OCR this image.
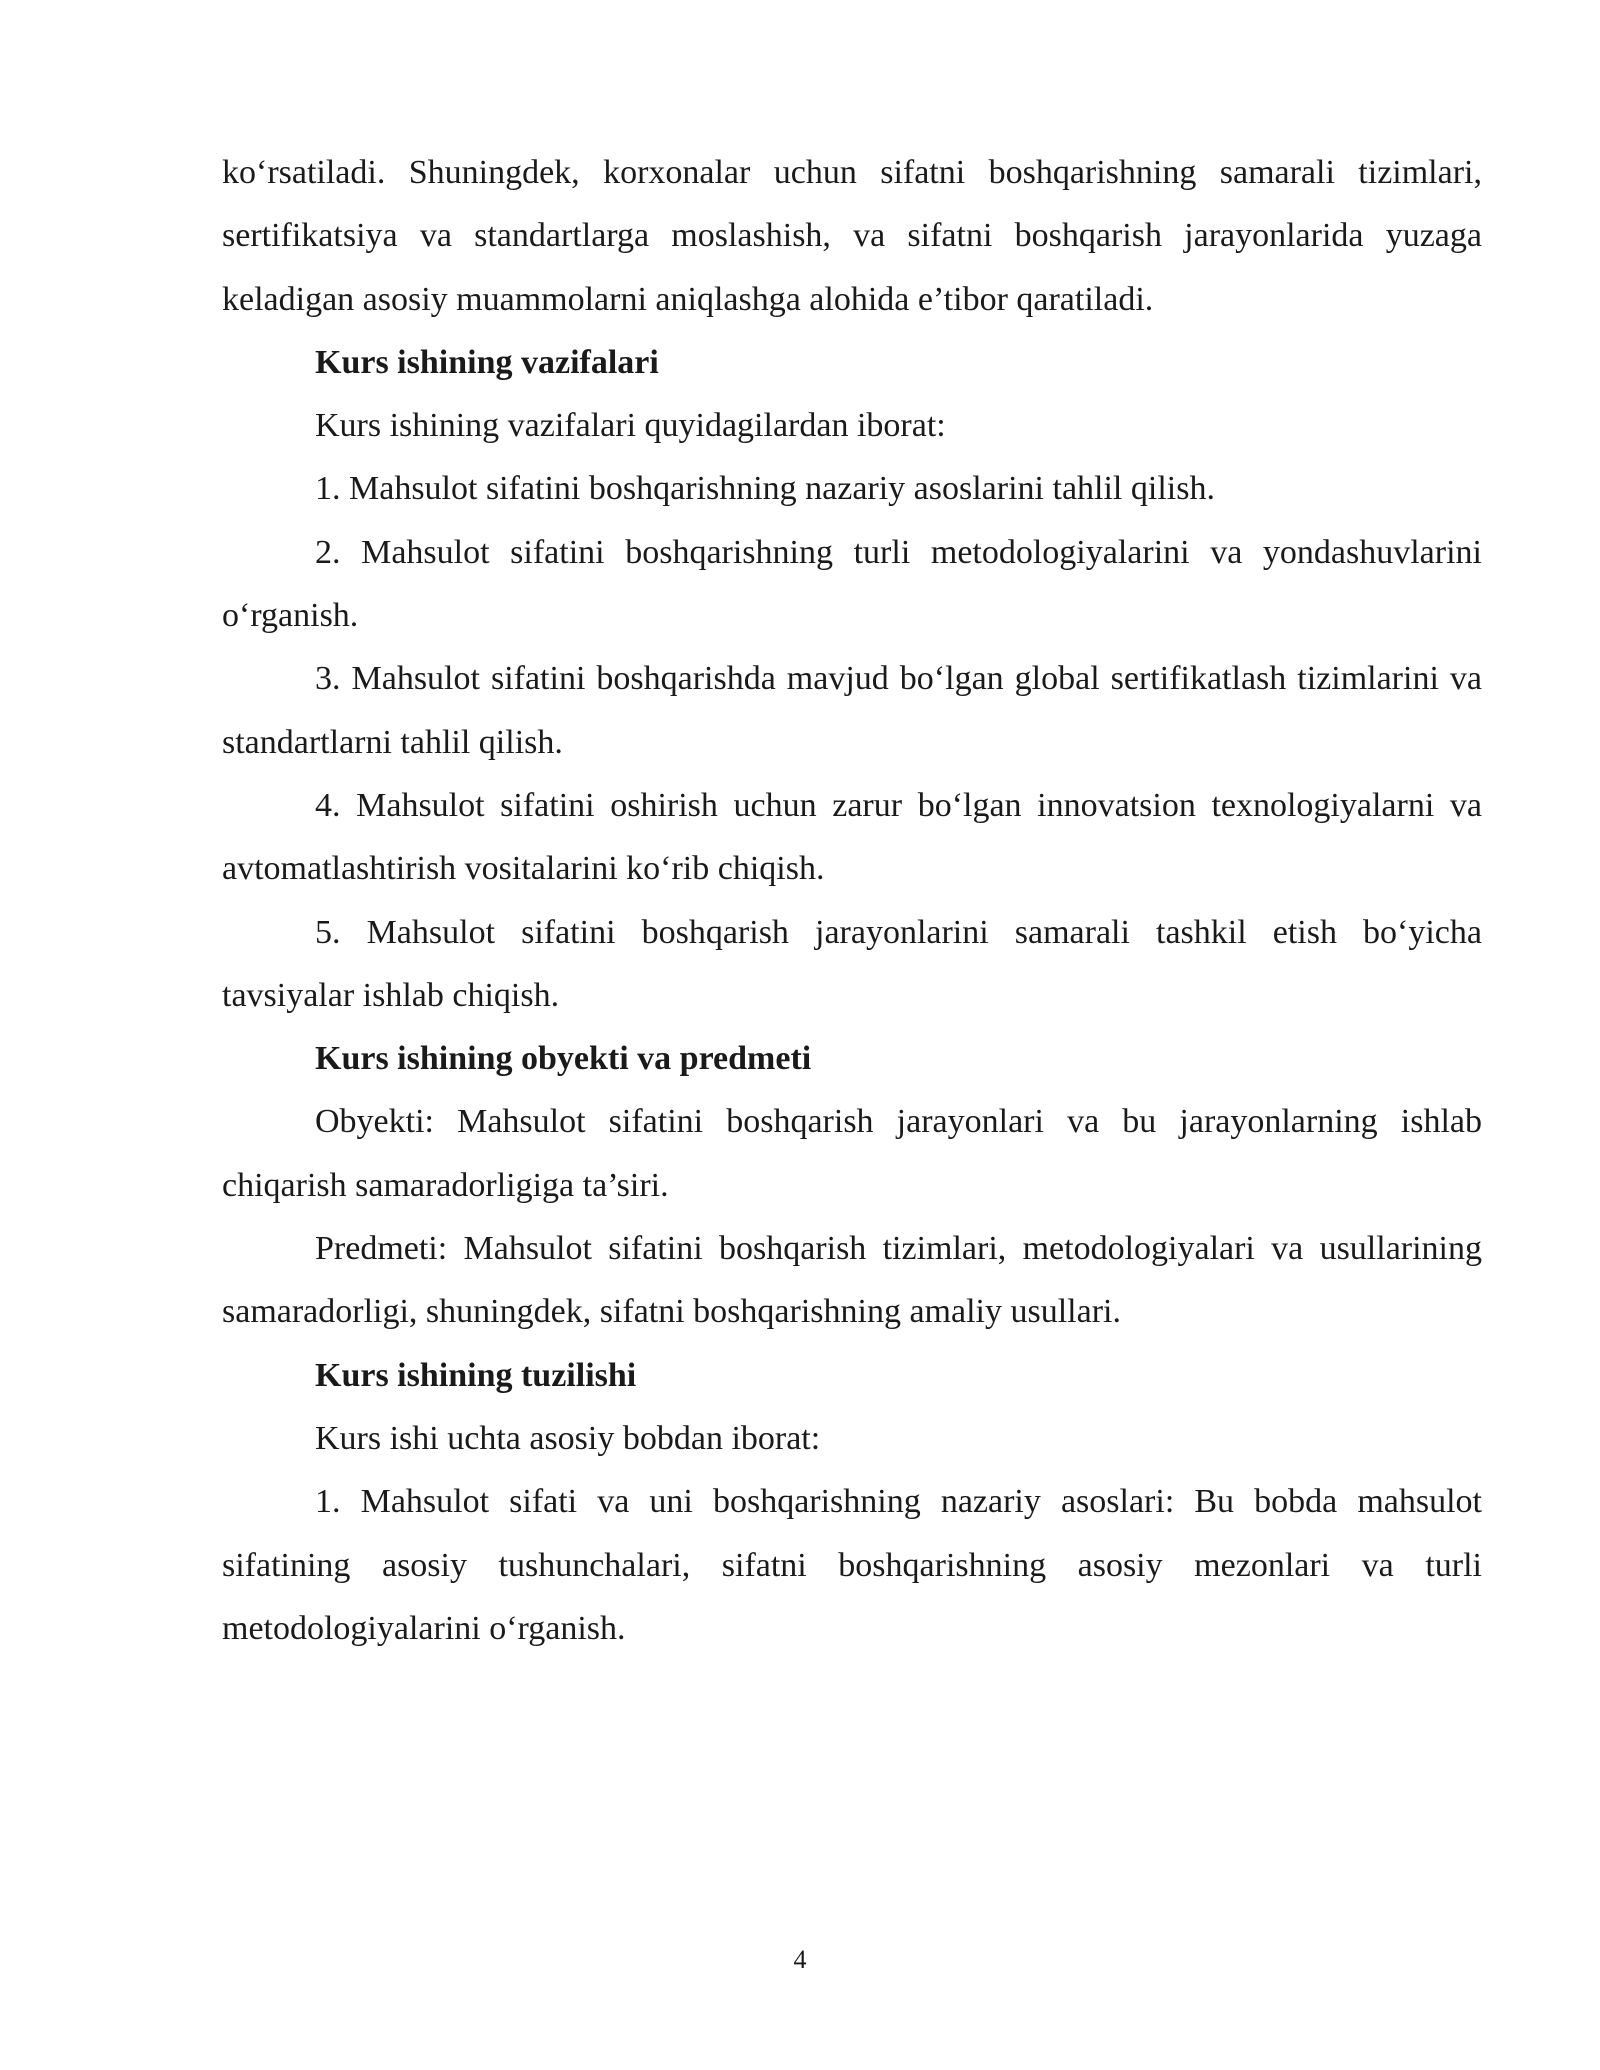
ko‘rsatiladi. Shuningdek, korxonalar uchun sifatni boshqarishning samarali tizimlari, sertifikatsiya va standartlarga moslashish, va sifatni boshqarish jarayonlarida yuzaga keladigan asosiy muammolarni aniqlashga alohida e’tibor qaratiladi.

Kurs ishining vazifalari

Kurs ishining vazifalari quyidagilardan iborat:

1. Mahsulot sifatini boshqarishning nazariy asoslarini tahlil qilish.

2. Mahsulot sifatini boshqarishning turli metodologiyalarini va yondashuvlarini o‘rganish.

3. Mahsulot sifatini boshqarishda mavjud bo‘lgan global sertifikatlash tizimlarini va standartlarni tahlil qilish.

4. Mahsulot sifatini oshirish uchun zarur bo‘lgan innovatsion texnologiyalarni va avtomatlashtirish vositalarini ko‘rib chiqish.

5. Mahsulot sifatini boshqarish jarayonlarini samarali tashkil etish bo‘yicha tavsiyalar ishlab chiqish.

Kurs ishining obyekti va predmeti

Obyekti: Mahsulot sifatini boshqarish jarayonlari va bu jarayonlarning ishlab chiqarish samaradorligiga ta’siri.

Predmeti: Mahsulot sifatini boshqarish tizimlari, metodologiyalari va usullarining samaradorligi, shuningdek, sifatni boshqarishning amaliy usullari.

Kurs ishining tuzilishi

Kurs ishi uchta asosiy bobdan iborat:

1. Mahsulot sifati va uni boshqarishning nazariy asoslari: Bu bobda mahsulot sifatining asosiy tushunchalari, sifatni boshqarishning asosiy mezonlari va turli metodologiyalarini o‘rganish.

4
